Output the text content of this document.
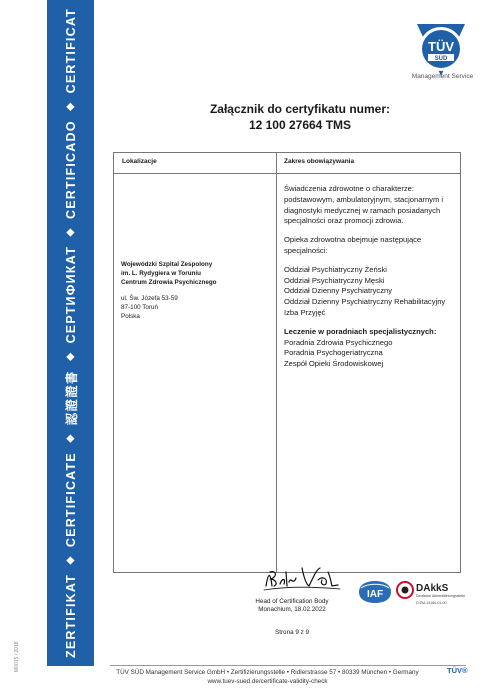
ZERTIFIKAT
◆
CERTIFICATE
◆
認證證書
◆
СЕРТИФИКАТ
◆
CERTIFICADO
◆
CERTIFICAT
M0015 / 2018
TÜV
SÜD
Management Service
Załącznik do certyfikatu numer:
12 100 27664 TMS
Lokalizacje	Zakres obowiązywania
Wojewódzki Szpital Zespolony
im. L. Rydygiera w Toruniu
Centrum Zdrowia Psychicznego
ul. Św. Józefa 53-59
87-100 Toruń
Polska

Świadczenia zdrowotne o charakterze: podstawowym, ambulatoryjnym, stacjonarnym i diagnostyki medycznej w ramach posiadanych specjalności oraz promocji zdrowia.

Opieka zdrowotna obejmuje następujące specjalności:

Oddział Psychiatryczny Żeński
Oddział Psychiatryczny Męski
Oddział Dzienny Psychiatryczny
Oddział Dzienny Psychiatryczny Rehabilitacyjny
Izba Przyjęć
Leczenie w poradniach specjalistycznych:
Poradnia Zdrowia Psychicznego
Poradnia Psychogeriatryczna
Zespół Opieki Środowiskowej
Head of Certification Body
Monachium, 18.02.2022
IAF
DAkkS
Deutsche Akkreditierungsstelle
D-ZM-14160-01-00
Strona 9 z 9
TÜV SÜD Management Service GmbH • Zertifizierungsstelle • Ridlerstrasse 57 • 80339 München • Germany
www.tuev-sued.de/certificate-validity-check
TÜV®
